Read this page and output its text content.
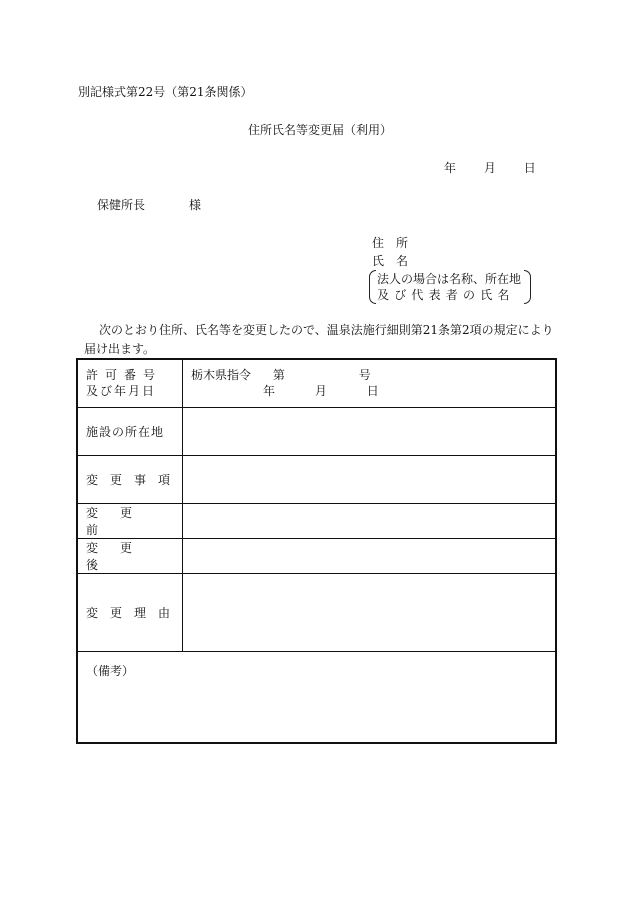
別記様式第22号（第21条関係）
住所氏名等変更届（利用）
年 月 日
保健所長	様
住　所
氏　名
法人の場合は名称、所在地
及び代表者の氏名
次のとおり住所、氏名等を変更したので、温泉法施行細則第21条第2項の規定により届け出ます。
許可番号
及び年月日	栃木県指令 第 号
年 月 日

施設の所在地	
変更事項	
変更前	
変更後	
変更理由	
（備考）	
